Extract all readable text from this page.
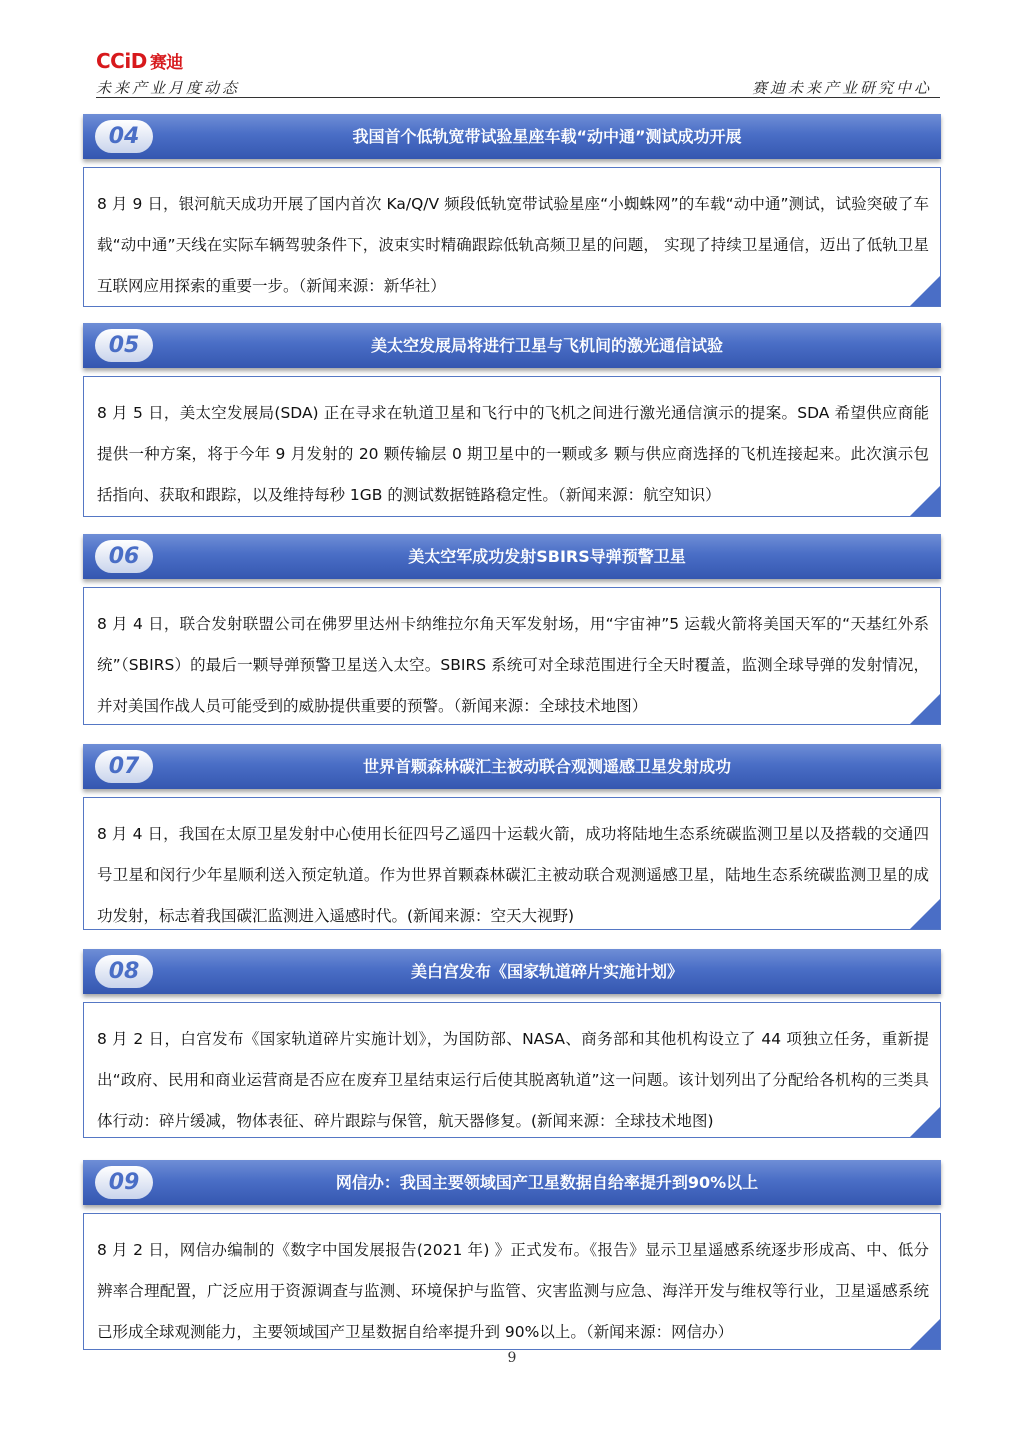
CCiD 赛迪
未来产业月度动态	赛迪未来产业研究中心
04	我国首个低轨宽带试验星座车载“动中通”测试成功开展
8 月 9 日，银河航天成功开展了国内首次 Ka/Q/V 频段低轨宽带试验星座“小蜘蛛网”的车载“动中通”测试，试验突破了车载“动中通”天线在实际车辆驾驶条件下，波束实时精确跟踪低轨高频卫星的问题， 实现了持续卫星通信，迈出了低轨卫星互联网应用探索的重要一步。（新闻来源：新华社）
05	美太空发展局将进行卫星与飞机间的激光通信试验
8 月 5 日，美太空发展局(SDA) 正在寻求在轨道卫星和飞行中的飞机之间进行激光通信演示的提案。SDA 希望供应商能提供一种方案，将于今年 9 月发射的 20 颗传输层 0 期卫星中的一颗或多 颗与供应商选择的飞机连接起来。此次演示包括指向、获取和跟踪，以及维持每秒 1GB 的测试数据链路稳定性。（新闻来源：航空知识）
06	美太空军成功发射SBIRS导弹预警卫星
8 月 4 日，联合发射联盟公司在佛罗里达州卡纳维拉尔角天军发射场，用“宇宙神”5 运载火箭将美国天军的“天基红外系统”（SBIRS）的最后一颗导弹预警卫星送入太空。SBIRS 系统可对全球范围进行全天时覆盖，监测全球导弹的发射情况，并对美国作战人员可能受到的威胁提供重要的预警。（新闻来源：全球技术地图）
07	世界首颗森林碳汇主被动联合观测遥感卫星发射成功
8 月 4 日，我国在太原卫星发射中心使用长征四号乙遥四十运载火箭，成功将陆地生态系统碳监测卫星以及搭载的交通四号卫星和闵行少年星顺利送入预定轨道。作为世界首颗森林碳汇主被动联合观测遥感卫星，陆地生态系统碳监测卫星的成功发射，标志着我国碳汇监测进入遥感时代。(新闻来源：空天大视野)
08	美白宫发布《国家轨道碎片实施计划》
8 月 2 日，白宫发布《国家轨道碎片实施计划》，为国防部、NASA、商务部和其他机构设立了 44 项独立任务，重新提出“政府、民用和商业运营商是否应在废弃卫星结束运行后使其脱离轨道”这一问题。该计划列出了分配给各机构的三类具体行动：碎片缓减，物体表征、碎片跟踪与保管，航天器修复。(新闻来源：全球技术地图)
09	网信办：我国主要领域国产卫星数据自给率提升到90%以上
8 月 2 日，网信办编制的《数字中国发展报告(2021 年) 》正式发布。《报告》显示卫星遥感系统逐步形成高、中、低分辨率合理配置，广泛应用于资源调查与监测、环境保护与监管、灾害监测与应急、海洋开发与维权等行业，卫星遥感系统已形成全球观测能力，主要领域国产卫星数据自给率提升到 90%以上。（新闻来源：网信办）
9
